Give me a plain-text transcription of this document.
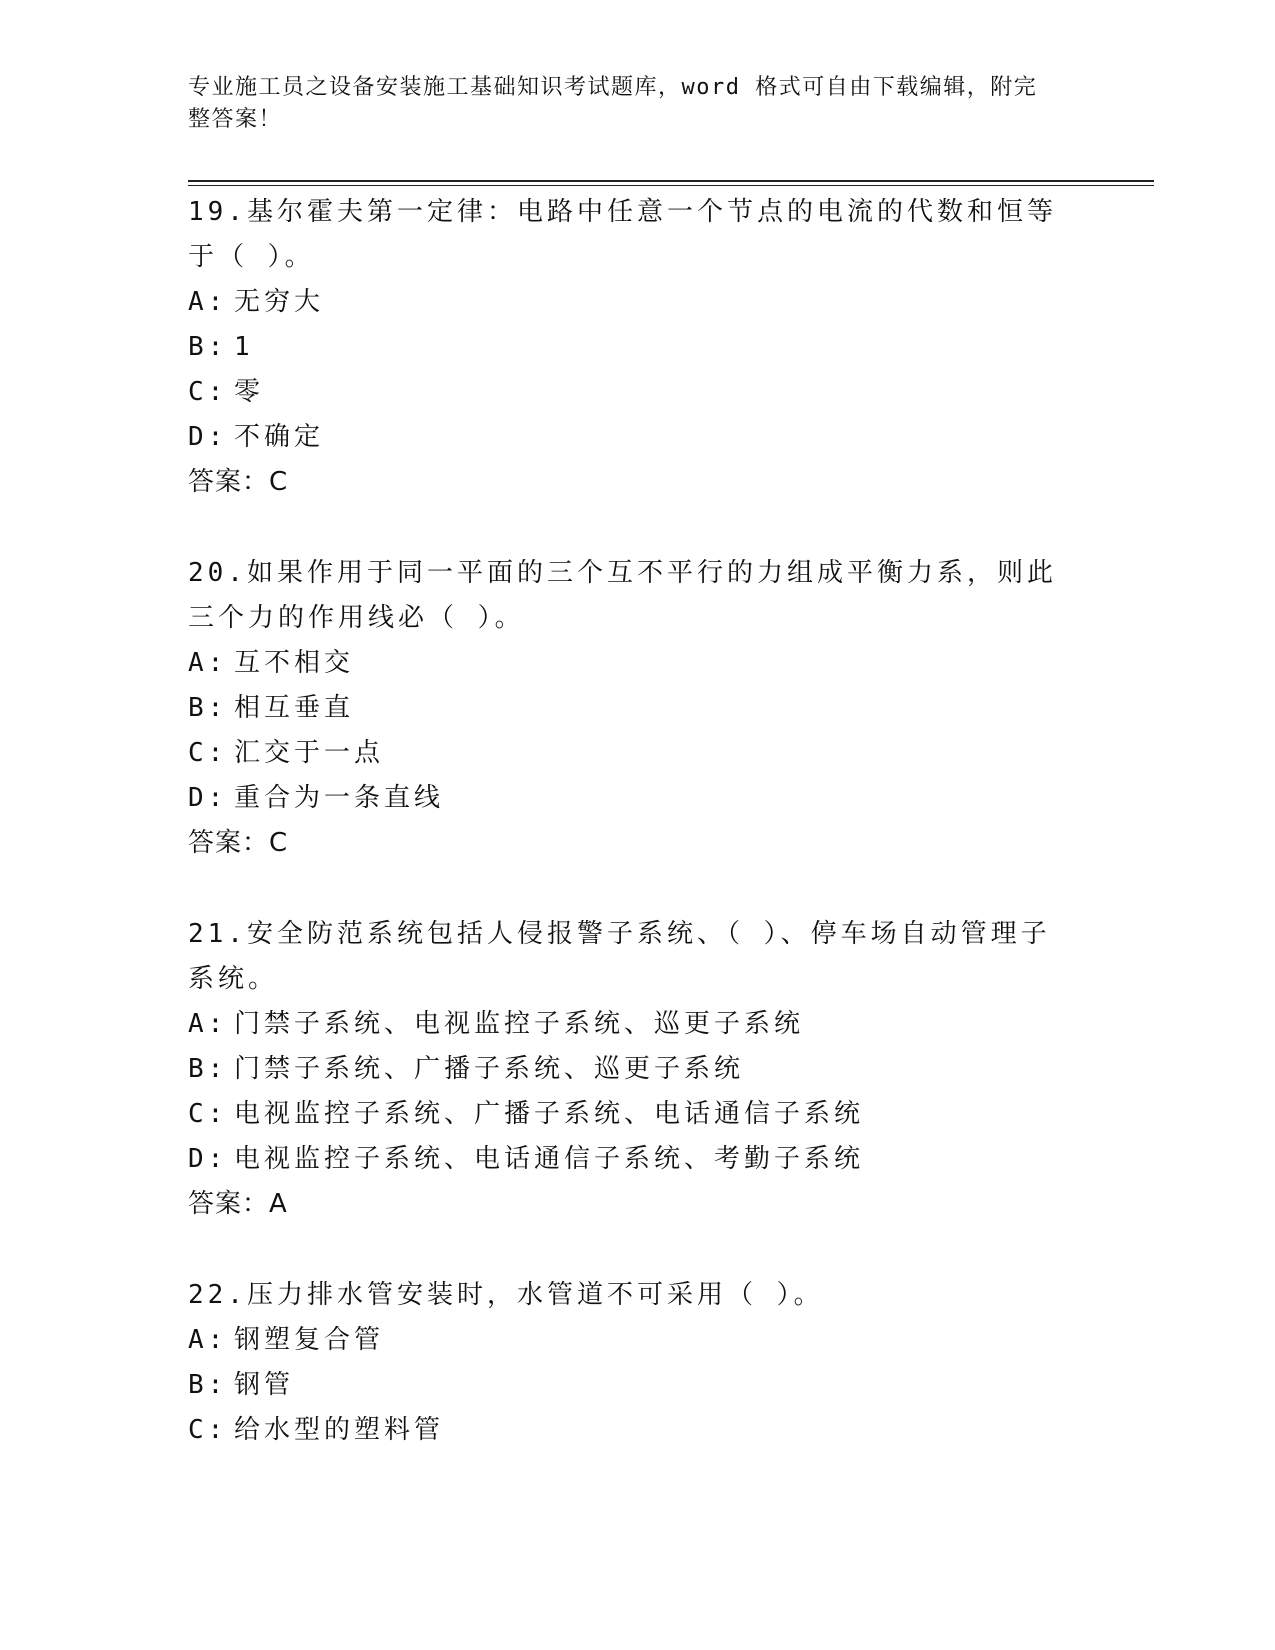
专业施工员之设备安装施工基础知识考试题库，word 格式可自由下载编辑，附完
整答案！
19.基尔霍夫第一定律：电路中任意一个节点的电流的代数和恒等于（ ）。
A: 无穷大
B: 1
C: 零
D: 不确定
答案：C
20.如果作用于同一平面的三个互不平行的力组成平衡力系，则此三个力的作用线必（ ）。
A: 互不相交
B: 相互垂直
C: 汇交于一点
D: 重合为一条直线
答案：C
21.安全防范系统包括人侵报警子系统、（ ）、停车场自动管理子系统。
A: 门禁子系统、电视监控子系统、巡更子系统
B: 门禁子系统、广播子系统、巡更子系统
C: 电视监控子系统、广播子系统、电话通信子系统
D: 电视监控子系统、电话通信子系统、考勤子系统
答案：A
22.压力排水管安装时，水管道不可采用（ ）。
A: 钢塑复合管
B: 钢管
C: 给水型的塑料管
